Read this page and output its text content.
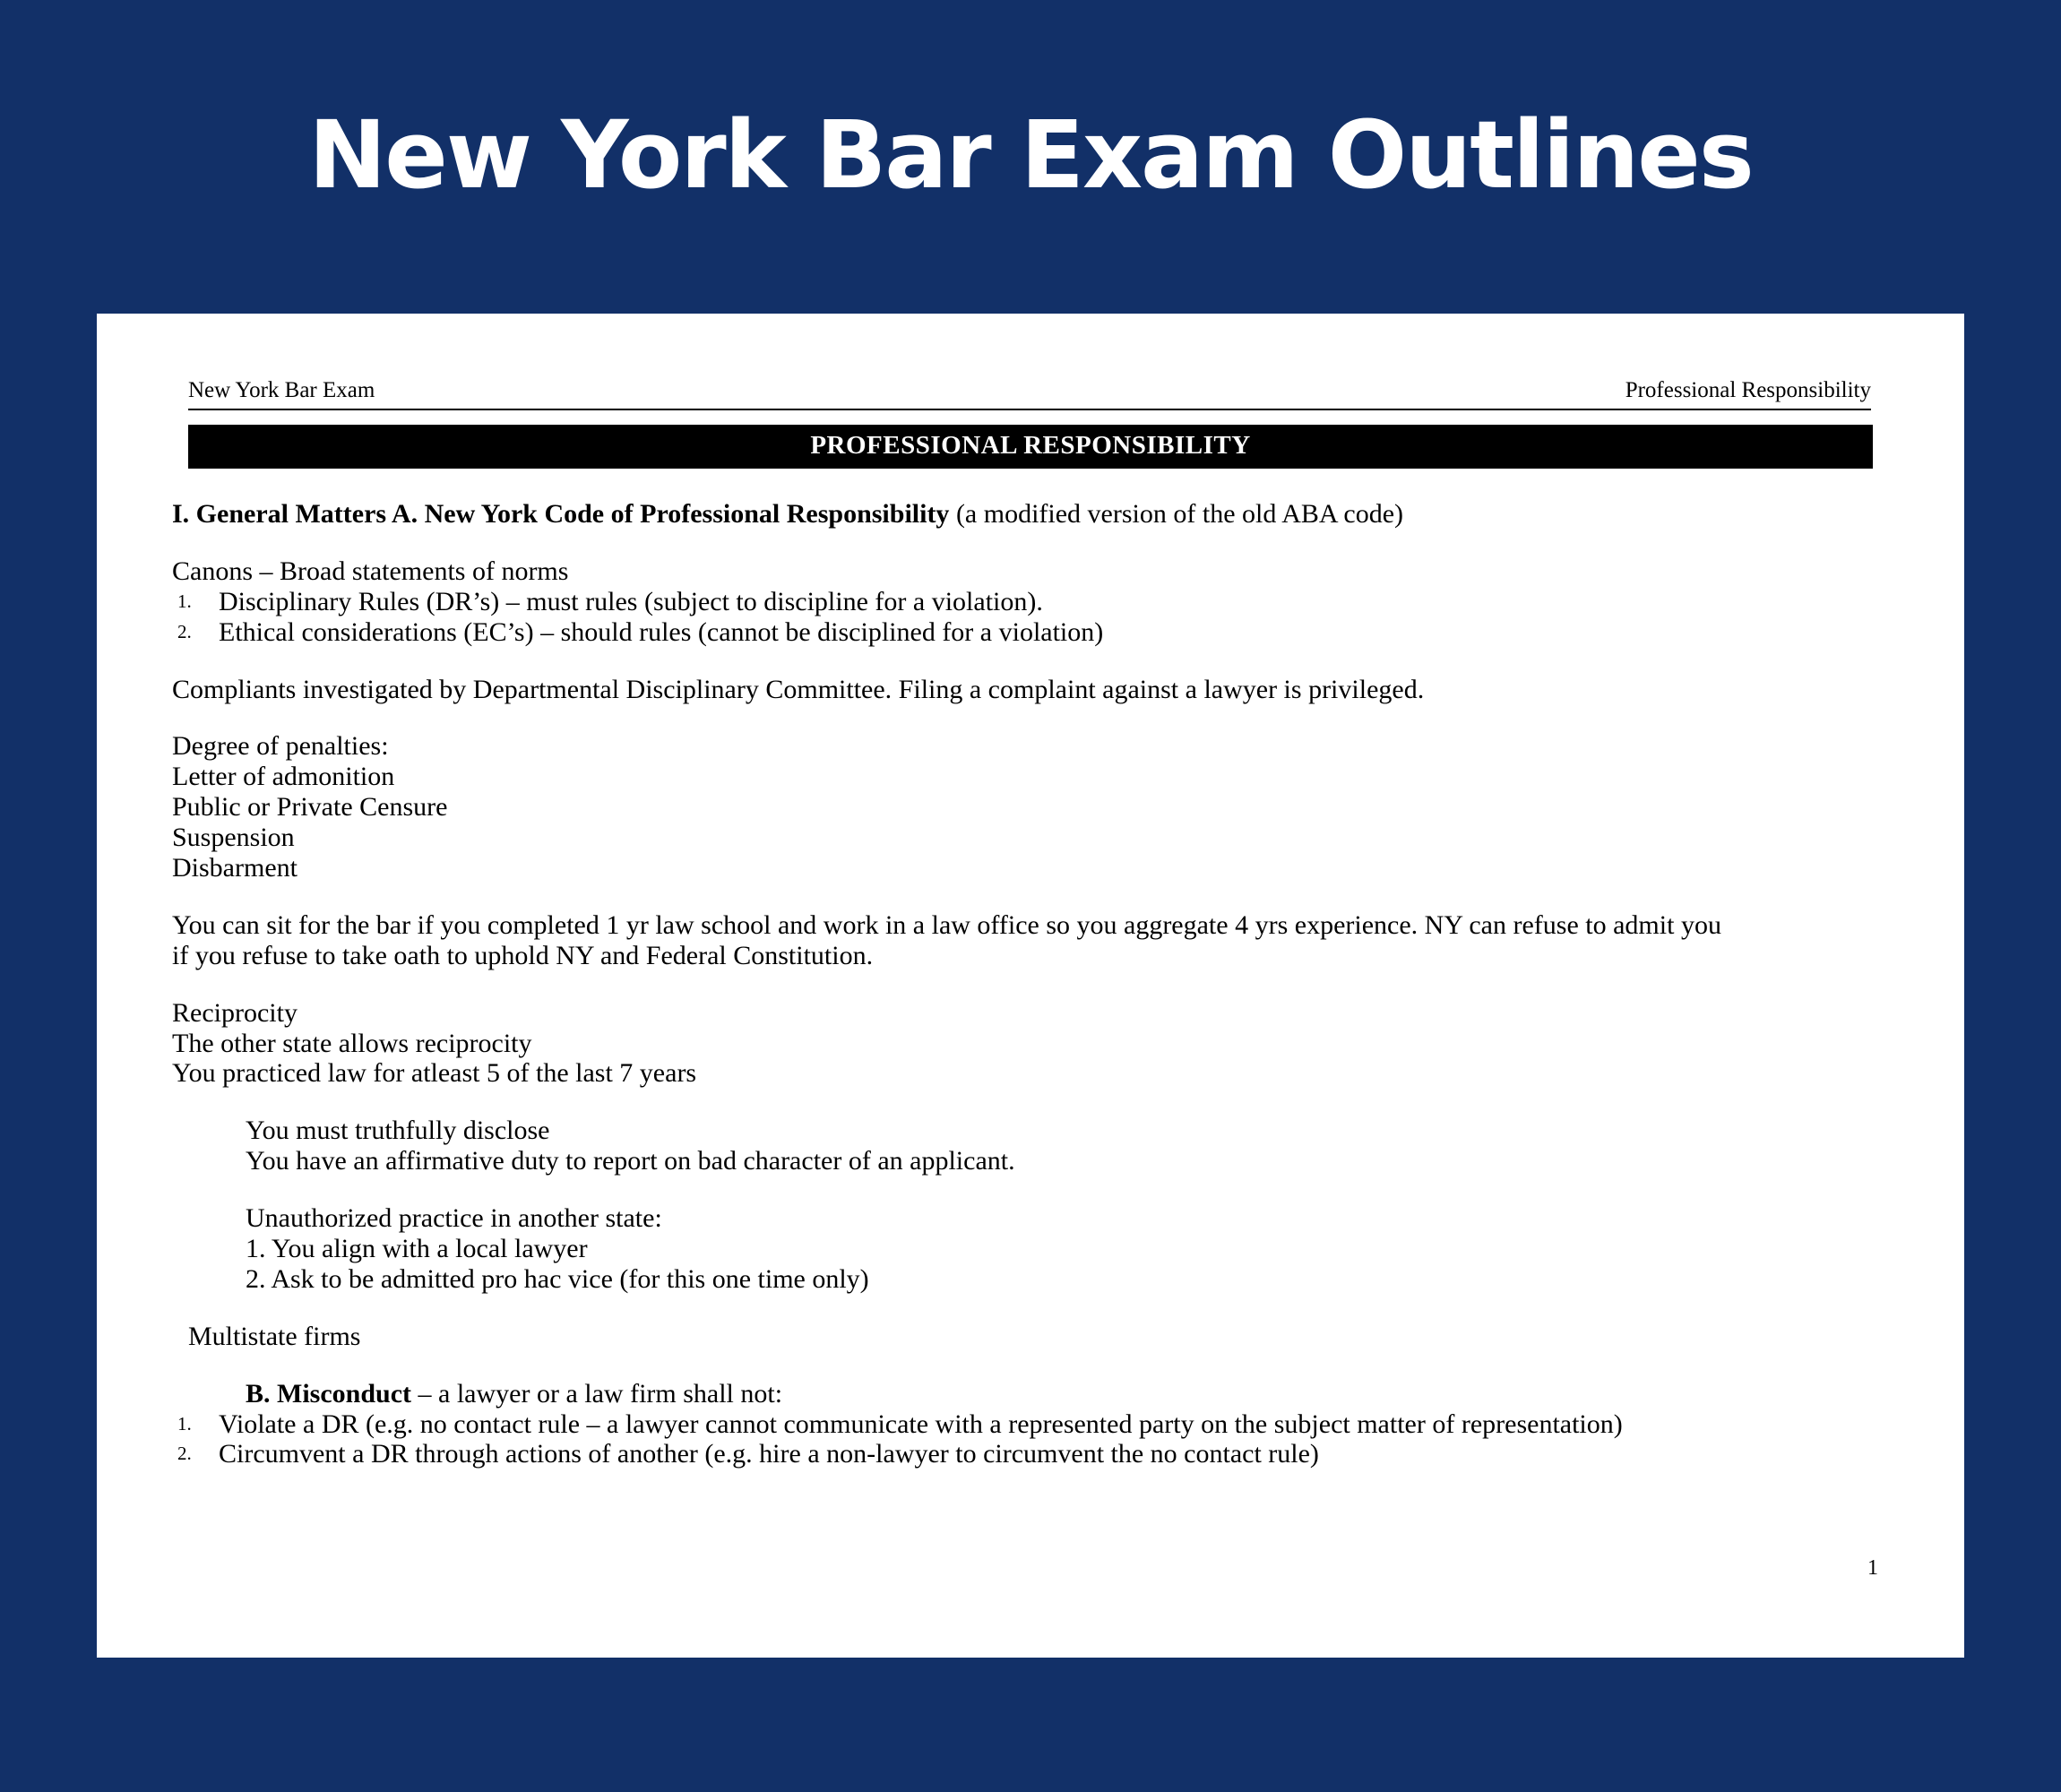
New York Bar Exam Outlines
New York Bar Exam	Professional Responsibility
PROFESSIONAL RESPONSIBILITY

I. General Matters A. New York Code of Professional Responsibility (a modified version of the old ABA code)

Canons – Broad statements of norms

1. Disciplinary Rules (DR’s) – must rules (subject to discipline for a violation).
2. Ethical considerations (EC’s) – should rules (cannot be disciplined for a violation)

Compliants investigated by Departmental Disciplinary Committee. Filing a complaint against a lawyer is privileged.

Degree of penalties:

Letter of admonition

Public or Private Censure

Suspension

Disbarment

You can sit for the bar if you completed 1 yr law school and work in a law office so you aggregate 4 yrs experience. NY can refuse to admit you

if you refuse to take oath to uphold NY and Federal Constitution.

Reciprocity

The other state allows reciprocity

You practiced law for atleast 5 of the last 7 years

You must truthfully disclose

You have an affirmative duty to report on bad character of an applicant.

Unauthorized practice in another state:

1. You align with a local lawyer

2. Ask to be admitted pro hac vice (for this one time only)

Multistate firms

B. Misconduct – a lawyer or a law firm shall not:

1. Violate a DR (e.g. no contact rule – a lawyer cannot communicate with a represented party on the subject matter of representation)
2. Circumvent a DR through actions of another (e.g. hire a non-lawyer to circumvent the no contact rule)
1
